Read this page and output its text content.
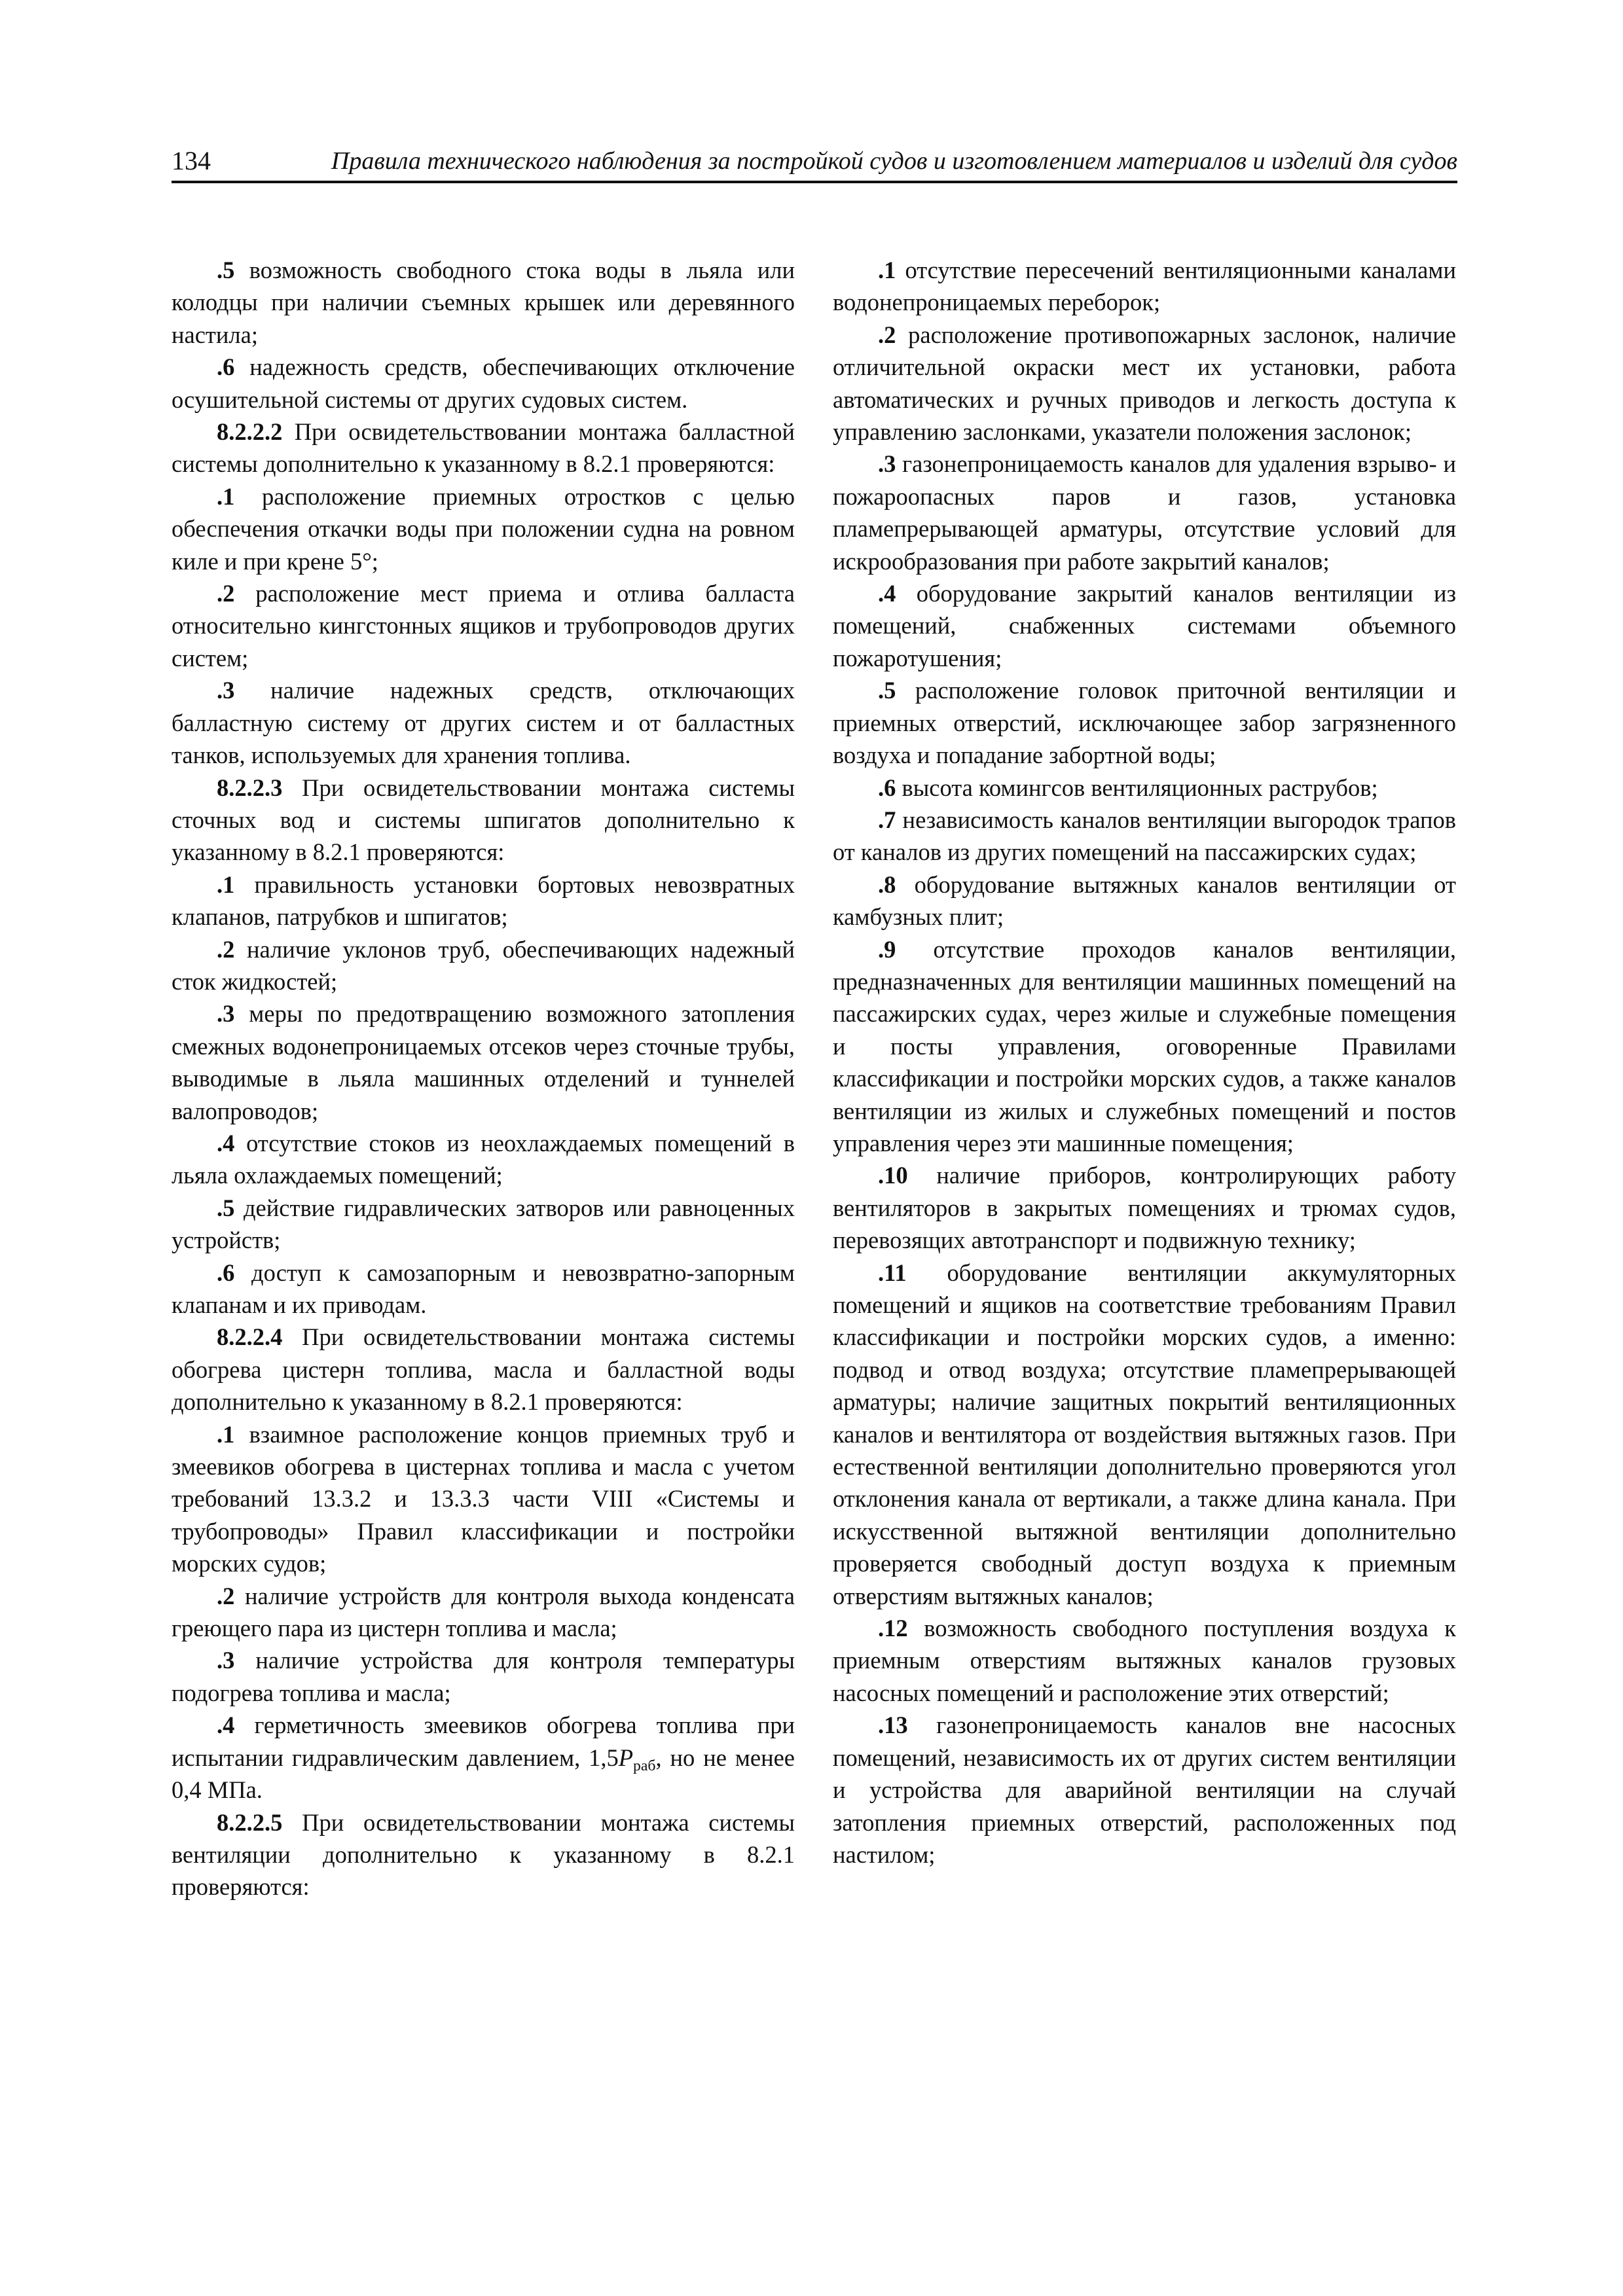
134	Правила технического наблюдения за постройкой судов и изготовлением материалов и изделий для судов

.5 возможность свободного стока воды в льяла или колодцы при наличии съемных крышек или деревянного настила;

.6 надежность средств, обеспечивающих отключение осушительной системы от других судовых систем.

8.2.2.2 При освидетельствовании монтажа балластной системы дополнительно к указанному в 8.2.1 проверяются:

.1 расположение приемных отростков с целью обеспечения откачки воды при положении судна на ровном киле и при крене 5°;

.2 расположение мест приема и отлива балласта относительно кингстонных ящиков и трубопроводов других систем;

.3 наличие надежных средств, отключающих балластную систему от других систем и от балластных танков, используемых для хранения топлива.

8.2.2.3 При освидетельствовании монтажа системы сточных вод и системы шпигатов дополнительно к указанному в 8.2.1 проверяются:

.1 правильность установки бортовых невозвратных клапанов, патрубков и шпигатов;

.2 наличие уклонов труб, обеспечивающих надежный сток жидкостей;

.3 меры по предотвращению возможного затопления смежных водонепроницаемых отсеков через сточные трубы, выводимые в льяла машинных отделений и туннелей валопроводов;

.4 отсутствие стоков из неохлаждаемых помещений в льяла охлаждаемых помещений;

.5 действие гидравлических затворов или равноценных устройств;

.6 доступ к самозапорным и невозвратно-запорным клапанам и их приводам.

8.2.2.4 При освидетельствовании монтажа системы обогрева цистерн топлива, масла и балластной воды дополнительно к указанному в 8.2.1 проверяются:

.1 взаимное расположение концов приемных труб и змеевиков обогрева в цистернах топлива и масла с учетом требований 13.3.2 и 13.3.3 части VIII «Системы и трубопроводы» Правил классификации и постройки морских судов;

.2 наличие устройств для контроля выхода конденсата греющего пара из цистерн топлива и масла;

.3 наличие устройства для контроля температуры подогрева топлива и масла;

.4 герметичность змеевиков обогрева топлива при испытании гидравлическим давлением, $1,5P_{раб}$, но не менее 0,4 МПа.

8.2.2.5 При освидетельствовании монтажа системы вентиляции дополнительно к указанному в 8.2.1 проверяются:

.1 отсутствие пересечений вентиляционными каналами водонепроницаемых переборок;

.2 расположение противопожарных заслонок, наличие отличительной окраски мест их установки, работа автоматических и ручных приводов и легкость доступа к управлению заслонками, указатели положения заслонок;

.3 газонепроницаемость каналов для удаления взрыво- и пожароопасных паров и газов, установка пламепрерывающей арматуры, отсутствие условий для искрообразования при работе закрытий каналов;

.4 оборудование закрытий каналов вентиляции из помещений, снабженных системами объемного пожаротушения;

.5 расположение головок приточной вентиляции и приемных отверстий, исключающее забор загрязненного воздуха и попадание забортной воды;

.6 высота комингсов вентиляционных раструбов;

.7 независимость каналов вентиляции выгородок трапов от каналов из других помещений на пассажирских судах;

.8 оборудование вытяжных каналов вентиляции от камбузных плит;

.9 отсутствие проходов каналов вентиляции, предназначенных для вентиляции машинных помещений на пассажирских судах, через жилые и служебные помещения и посты управления, оговоренные Правилами классификации и постройки морских судов, а также каналов вентиляции из жилых и служебных помещений и постов управления через эти машинные помещения;

.10 наличие приборов, контролирующих работу вентиляторов в закрытых помещениях и трюмах судов, перевозящих автотранспорт и подвижную технику;

.11 оборудование вентиляции аккумуляторных помещений и ящиков на соответствие требованиям Правил классификации и постройки морских судов, а именно: подвод и отвод воздуха; отсутствие пламепрерывающей арматуры; наличие защитных покрытий вентиляционных каналов и вентилятора от воздействия вытяжных газов. При естественной вентиляции дополнительно проверяются угол отклонения канала от вертикали, а также длина канала. При искусственной вытяжной вентиляции дополнительно проверяется свободный доступ воздуха к приемным отверстиям вытяжных каналов;

.12 возможность свободного поступления воздуха к приемным отверстиям вытяжных каналов грузовых насосных помещений и расположение этих отверстий;

.13 газонепроницаемость каналов вне насосных помещений, независимость их от других систем вентиляции и устройства для аварийной вентиляции на случай затопления приемных отверстий, расположенных под настилом;
